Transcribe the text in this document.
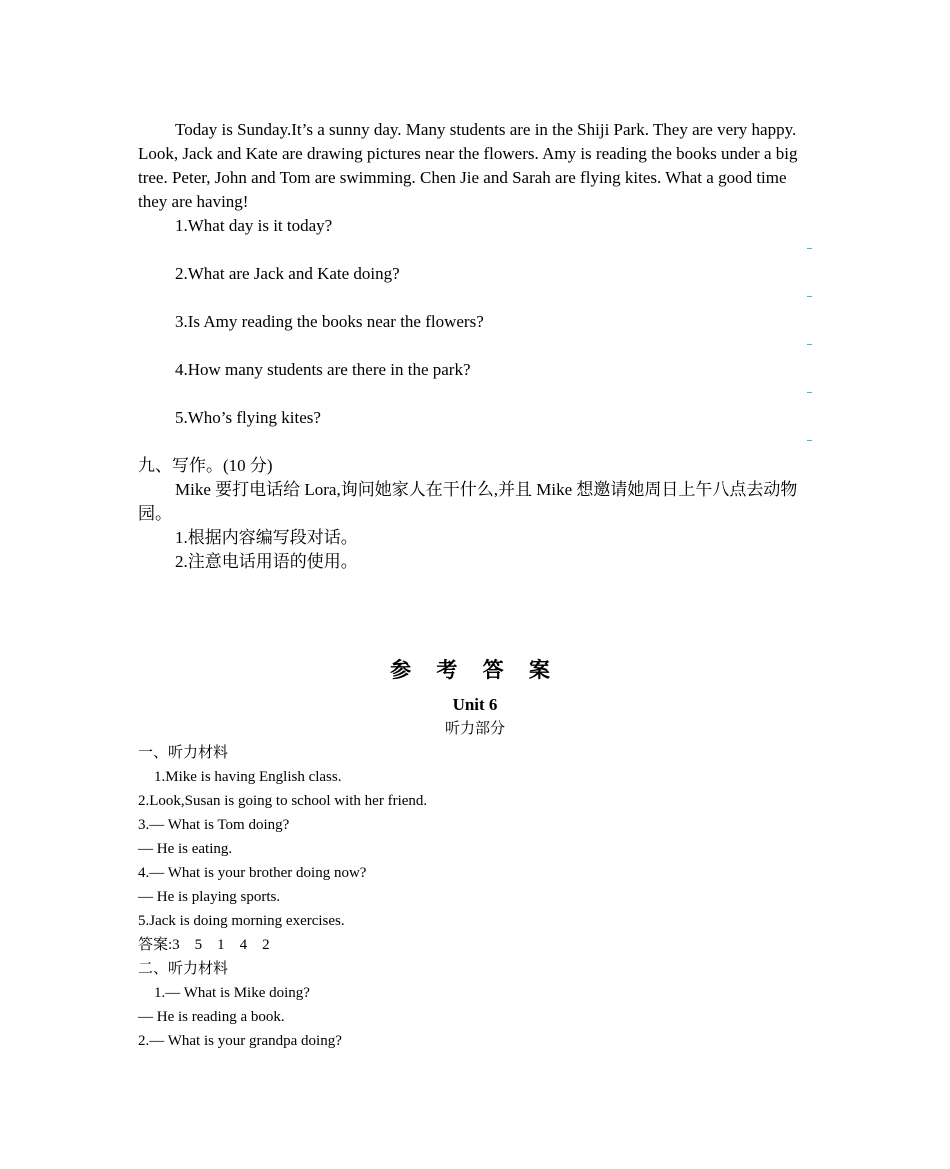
Today is Sunday.It’s a sunny day. Many students are in the Shiji Park. They are very happy. Look, Jack and Kate are drawing pictures near the flowers. Amy is reading the books under a big tree. Peter, John and Tom are swimming. Chen Jie and Sarah are flying kites. What a good time they are having!

1.What day is it today?
2.What are Jack and Kate doing?
3.Is Amy reading the books near the flowers?
4.How many students are there in the park?
5.Who’s flying kites?

九、写作。(10 分)

Mike 要打电话给 Lora,询问她家人在干什么,并且 Mike 想邀请她周日上午八点去动物园。

1.根据内容编写段对话。

2.注意电话用语的使用。

参 考 答 案
Unit 6
听力部分

一、听力材料

1.Mike is having English class.

2.Look,Susan is going to school with her friend.

3.— What is Tom doing?

— He is eating.

4.— What is your brother doing now?

— He is playing sports.

5.Jack is doing morning exercises.

答案:3    5    1    4    2

二、听力材料

1.— What is Mike doing?

— He is reading a book.

2.— What is your grandpa doing?
